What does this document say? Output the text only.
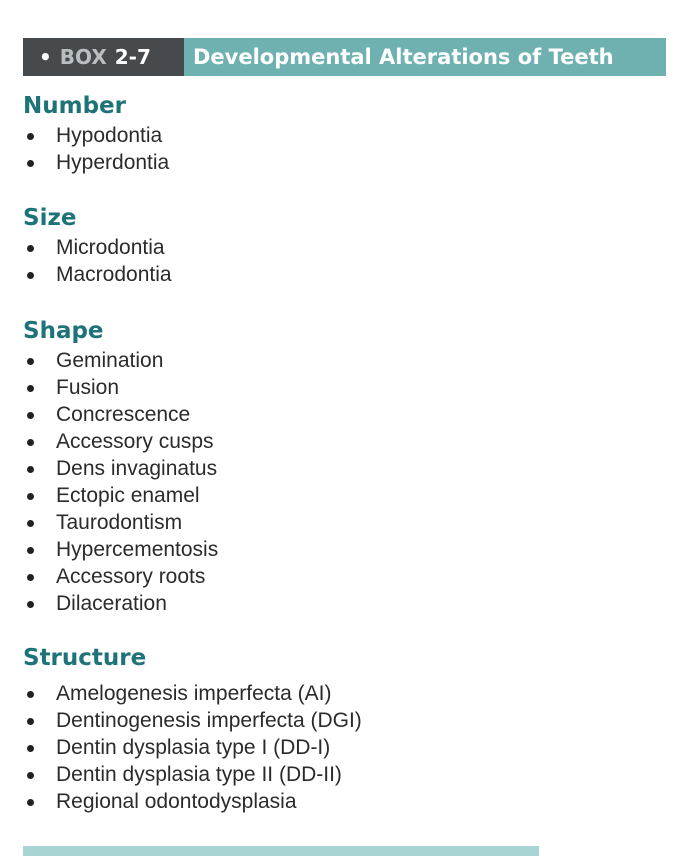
• BOX 2-7	Developmental Alterations of Teeth
Number
Hypodontia
Hyperdontia
Size
Microdontia
Macrodontia
Shape
Gemination
Fusion
Concrescence
Accessory cusps
Dens invaginatus
Ectopic enamel
Taurodontism
Hypercementosis
Accessory roots
Dilaceration
Structure
Amelogenesis imperfecta (AI)
Dentinogenesis imperfecta (DGI)
Dentin dysplasia type I (DD-I)
Dentin dysplasia type II (DD-II)
Regional odontodysplasia
